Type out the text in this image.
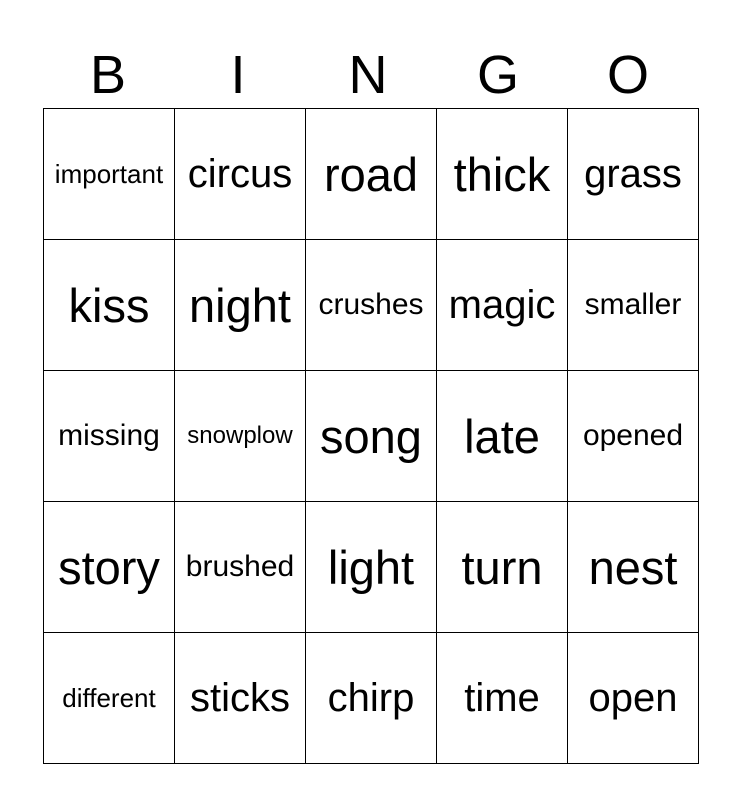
B	I	N	G	O
important	circus	road	thick	grass
kiss	night	crushes	magic	smaller
missing	snowplow	song	late	opened
story	brushed	light	turn	nest
different	sticks	chirp	time	open
